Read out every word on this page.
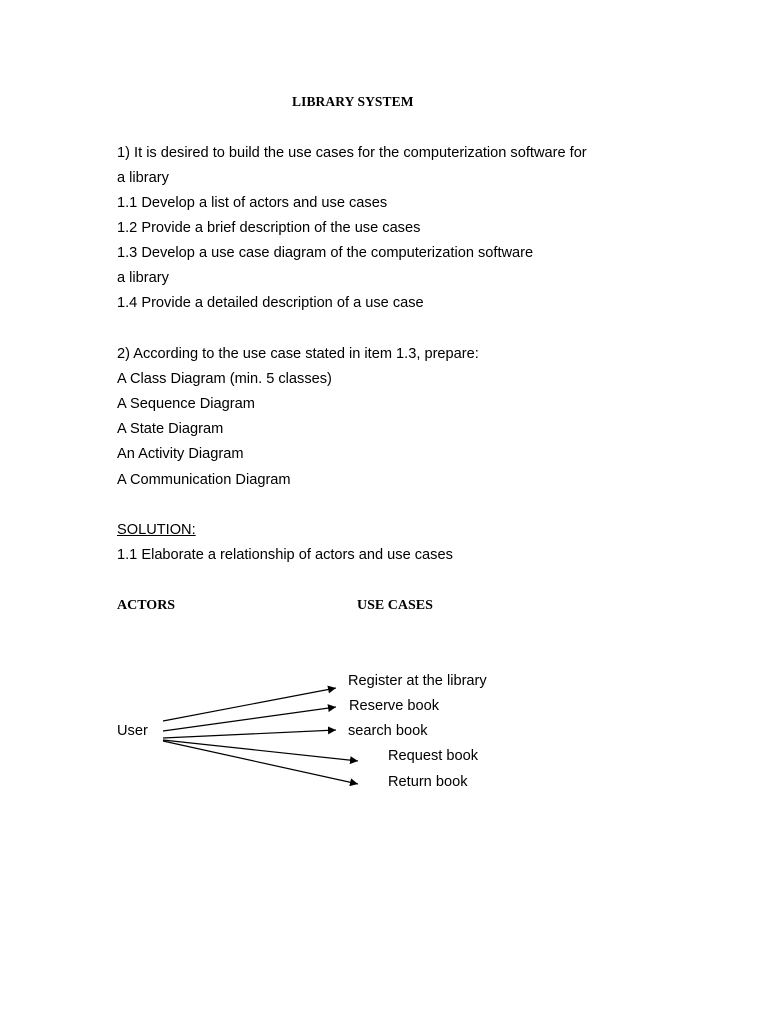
LIBRARY SYSTEM
1) It is desired to build the use cases for the computerization software for
a library
1.1 Develop a list of actors and use cases
1.2 Provide a brief description of the use cases
1.3 Develop a use case diagram of the computerization software
a library
1.4 Provide a detailed description of a use case
2) According to the use case stated in item 1.3, prepare:
A Class Diagram (min. 5 classes)
A Sequence Diagram
A State Diagram
An Activity Diagram
A Communication Diagram
SOLUTION:
1.1 Elaborate a relationship of actors and use cases
ACTORS	USE CASES
User
Register at the library
Reserve book
search book
Request book
Return book
